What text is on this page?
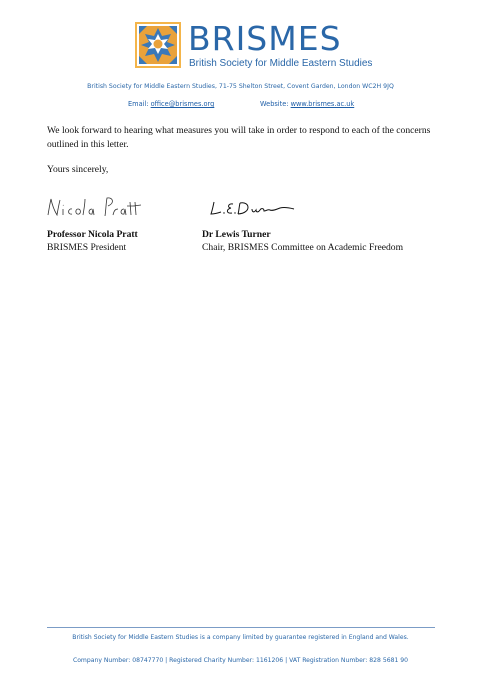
BRISMES
British Society for Middle Eastern Studies
British Society for Middle Eastern Studies, 71-75 Shelton Street, Covent Garden, London WC2H 9JQ
Email: office@brismes.org	Website: www.brismes.ac.uk
We look forward to hearing what measures you will take in order to respond to each of the concerns outlined in this letter.
Yours sincerely,
Professor Nicola Pratt
BRISMES President
Dr Lewis Turner
Chair, BRISMES Committee on Academic Freedom
British Society for Middle Eastern Studies is a company limited by guarantee registered in England and Wales.
Company Number: 08747770 | Registered Charity Number: 1161206 | VAT Registration Number: 828 5681 90
